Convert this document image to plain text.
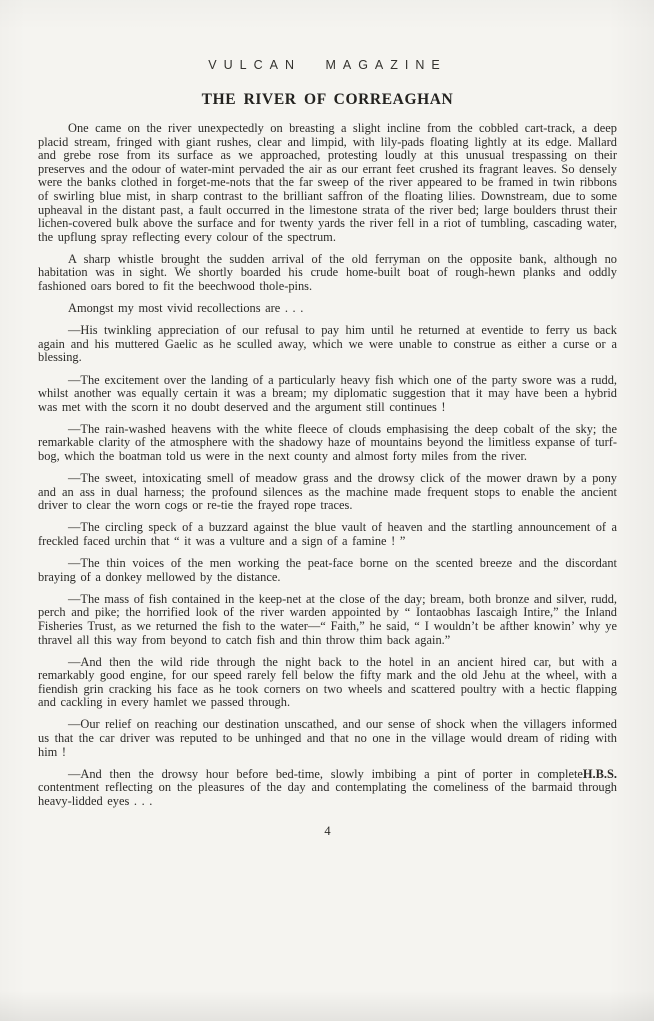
VULCAN MAGAZINE
THE RIVER OF CORREAGHAN

One came on the river unexpectedly on breasting a slight incline from the cobbled cart-track, a deep placid stream, fringed with giant rushes, clear and limpid, with lily-pads floating lightly at its edge. Mallard and grebe rose from its surface as we approached, protesting loudly at this unusual trespassing on their preserves and the odour of water-mint pervaded the air as our errant feet crushed its fragrant leaves. So densely were the banks clothed in forget-me-nots that the far sweep of the river appeared to be framed in twin ribbons of swirling blue mist, in sharp contrast to the brilliant saffron of the floating lilies. Downstream, due to some upheaval in the distant past, a fault occurred in the limestone strata of the river bed; large boulders thrust their lichen-covered bulk above the surface and for twenty yards the river fell in a riot of tumbling, cascading water, the upflung spray reflecting every colour of the spectrum.

A sharp whistle brought the sudden arrival of the old ferryman on the opposite bank, although no habitation was in sight. We shortly boarded his crude home-built boat of rough-hewn planks and oddly fashioned oars bored to fit the beechwood thole-pins.

Amongst my most vivid recollections are . . .

—His twinkling appreciation of our refusal to pay him until he returned at eventide to ferry us back again and his muttered Gaelic as he sculled away, which we were unable to construe as either a curse or a blessing.

—The excitement over the landing of a particularly heavy fish which one of the party swore was a rudd, whilst another was equally certain it was a bream; my diplomatic suggestion that it may have been a hybrid was met with the scorn it no doubt deserved and the argument still continues !

—The rain-washed heavens with the white fleece of clouds emphasising the deep cobalt of the sky; the remarkable clarity of the atmosphere with the shadowy haze of mountains beyond the limitless expanse of turf-bog, which the boatman told us were in the next county and almost forty miles from the river.

—The sweet, intoxicating smell of meadow grass and the drowsy click of the mower drawn by a pony and an ass in dual harness; the profound silences as the machine made frequent stops to enable the ancient driver to clear the worn cogs or re-tie the frayed rope traces.

—The circling speck of a buzzard against the blue vault of heaven and the startling announcement of a freckled faced urchin that “ it was a vulture and a sign of a famine ! ”

—The thin voices of the men working the peat-face borne on the scented breeze and the discordant braying of a donkey mellowed by the distance.

—The mass of fish contained in the keep-net at the close of the day; bream, both bronze and silver, rudd, perch and pike; the horrified look of the river warden appointed by “ Iontaobhas Iascaigh Intire,” the Inland Fisheries Trust, as we returned the fish to the water—“ Faith,” he said, “ I wouldn’t be afther knowin’ why ye thravel all this way from beyond to catch fish and thin throw thim back again.”

—And then the wild ride through the night back to the hotel in an ancient hired car, but with a remarkably good engine, for our speed rarely fell below the fifty mark and the old Jehu at the wheel, with a fiendish grin cracking his face as he took corners on two wheels and scattered poultry with a hectic flapping and cackling in every hamlet we passed through.

—Our relief on reaching our destination unscathed, and our sense of shock when the villagers informed us that the car driver was reputed to be unhinged and that no one in the village would dream of riding with him !

H.B.S.
—And then the drowsy hour before bed-time, slowly imbibing a pint of porter in complete contentment reflecting on the pleasures of the day and contemplating the comeliness of the barmaid through heavy-lidded eyes . . .

4
